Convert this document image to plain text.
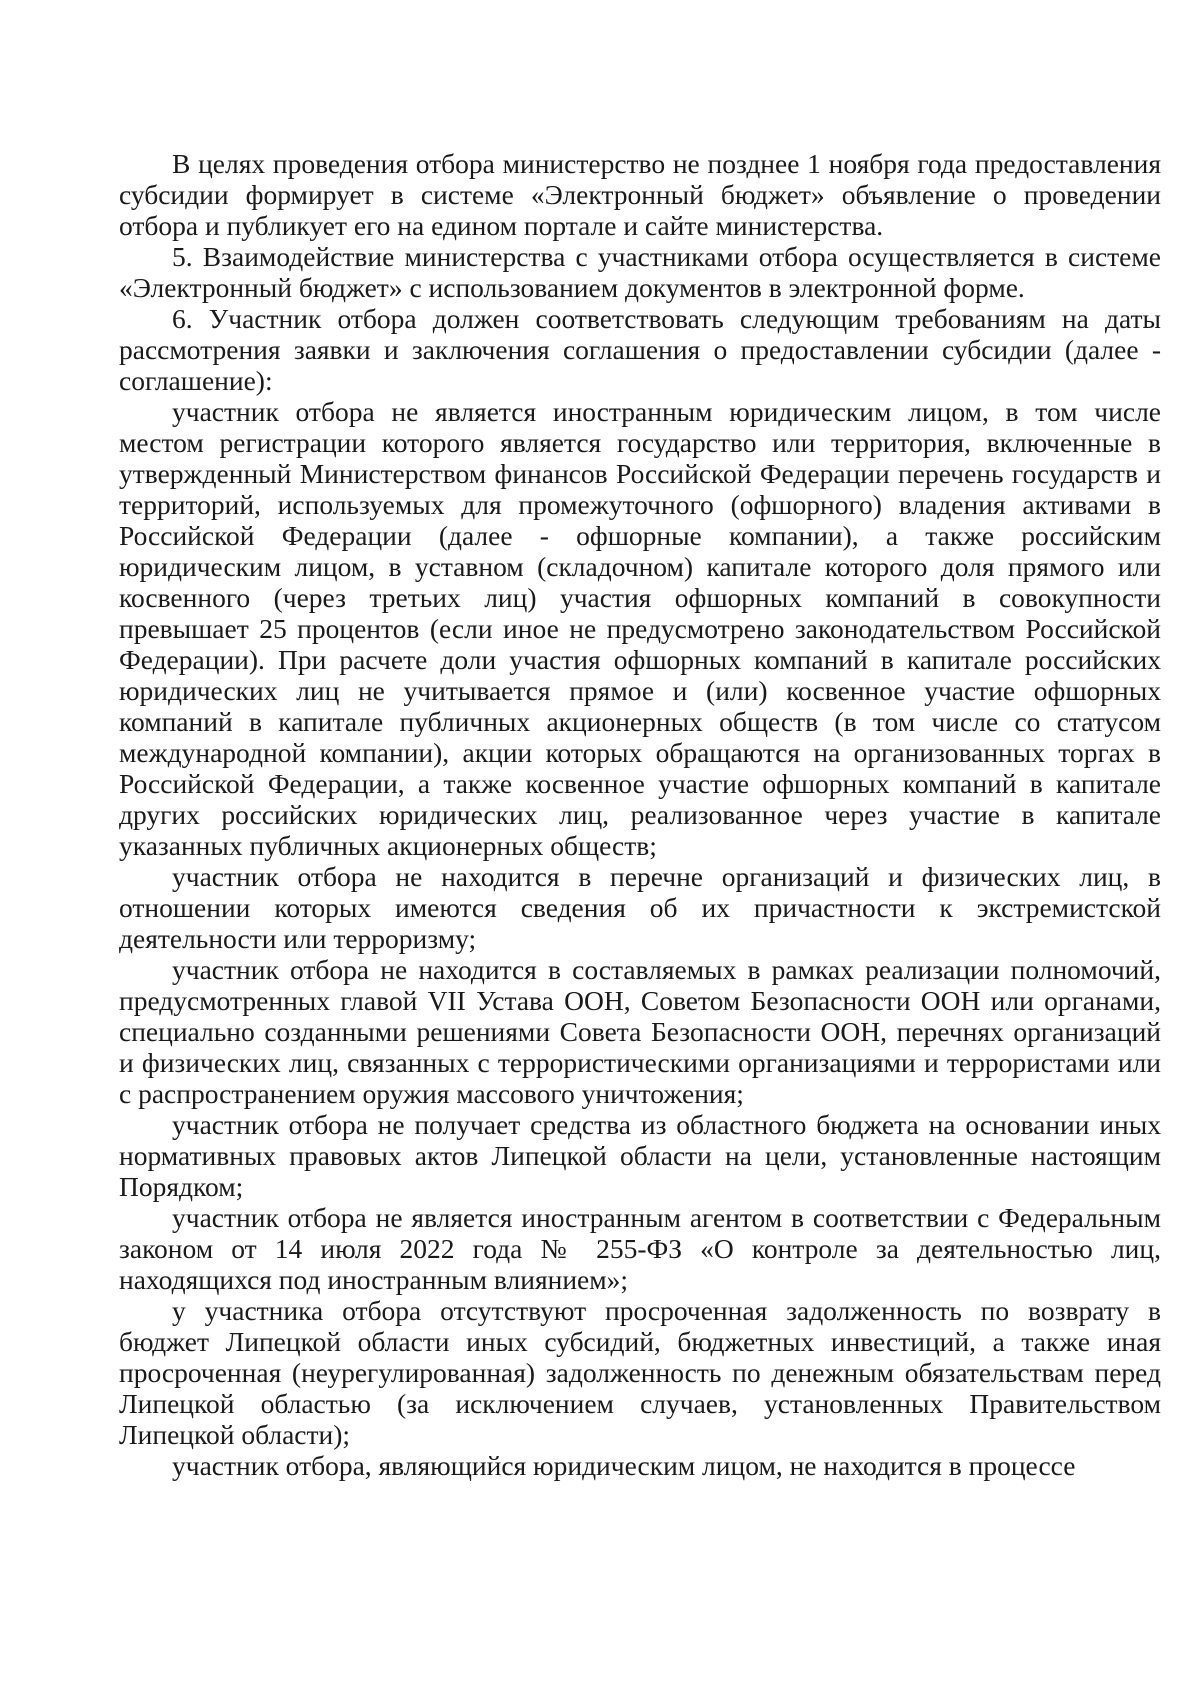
В целях проведения отбора министерство не позднее 1 ноября года предоставления субсидии формирует в системе «Электронный бюджет» объявление о проведении отбора и публикует его на едином портале и сайте министерства.

5. Взаимодействие министерства с участниками отбора осуществляется в системе «Электронный бюджет» с использованием документов в электронной форме.

6. Участник отбора должен соответствовать следующим требованиям на даты рассмотрения заявки и заключения соглашения о предоставлении субсидии (далее - соглашение):

участник отбора не является иностранным юридическим лицом, в том числе местом регистрации которого является государство или территория, включенные в утвержденный Министерством финансов Российской Федерации перечень государств и территорий, используемых для промежуточного (офшорного) владения активами в Российской Федерации (далее - офшорные компании), а также российским юридическим лицом, в уставном (складочном) капитале которого доля прямого или косвенного (через третьих лиц) участия офшорных компаний в совокупности превышает 25 процентов (если иное не предусмотрено законодательством Российской Федерации). При расчете доли участия офшорных компаний в капитале российских юридических лиц не учитывается прямое и (или) косвенное участие офшорных компаний в капитале публичных акционерных обществ (в том числе со статусом международной компании), акции которых обращаются на организованных торгах в Российской Федерации, а также косвенное участие офшорных компаний в капитале других российских юридических лиц, реализованное через участие в капитале указанных публичных акционерных обществ;

участник отбора не находится в перечне организаций и физических лиц, в отношении которых имеются сведения об их причастности к экстремистской деятельности или терроризму;

участник отбора не находится в составляемых в рамках реализации полномочий, предусмотренных главой VII Устава ООН, Советом Безопасности ООН или органами, специально созданными решениями Совета Безопасности ООН, перечнях организаций и физических лиц, связанных с террористическими организациями и террористами или с распространением оружия массового уничтожения;

участник отбора не получает средства из областного бюджета на основании иных нормативных правовых актов Липецкой области на цели, установленные настоящим Порядком;

участник отбора не является иностранным агентом в соответствии с Федеральным законом от 14 июля 2022 года № 255-ФЗ «О контроле за деятельностью лиц, находящихся под иностранным влиянием»;

у участника отбора отсутствуют просроченная задолженность по возврату в бюджет Липецкой области иных субсидий, бюджетных инвестиций, а также иная просроченная (неурегулированная) задолженность по денежным обязательствам перед Липецкой областью (за исключением случаев, установленных Правительством Липецкой области);

участник отбора, являющийся юридическим лицом, не находится в процессе
